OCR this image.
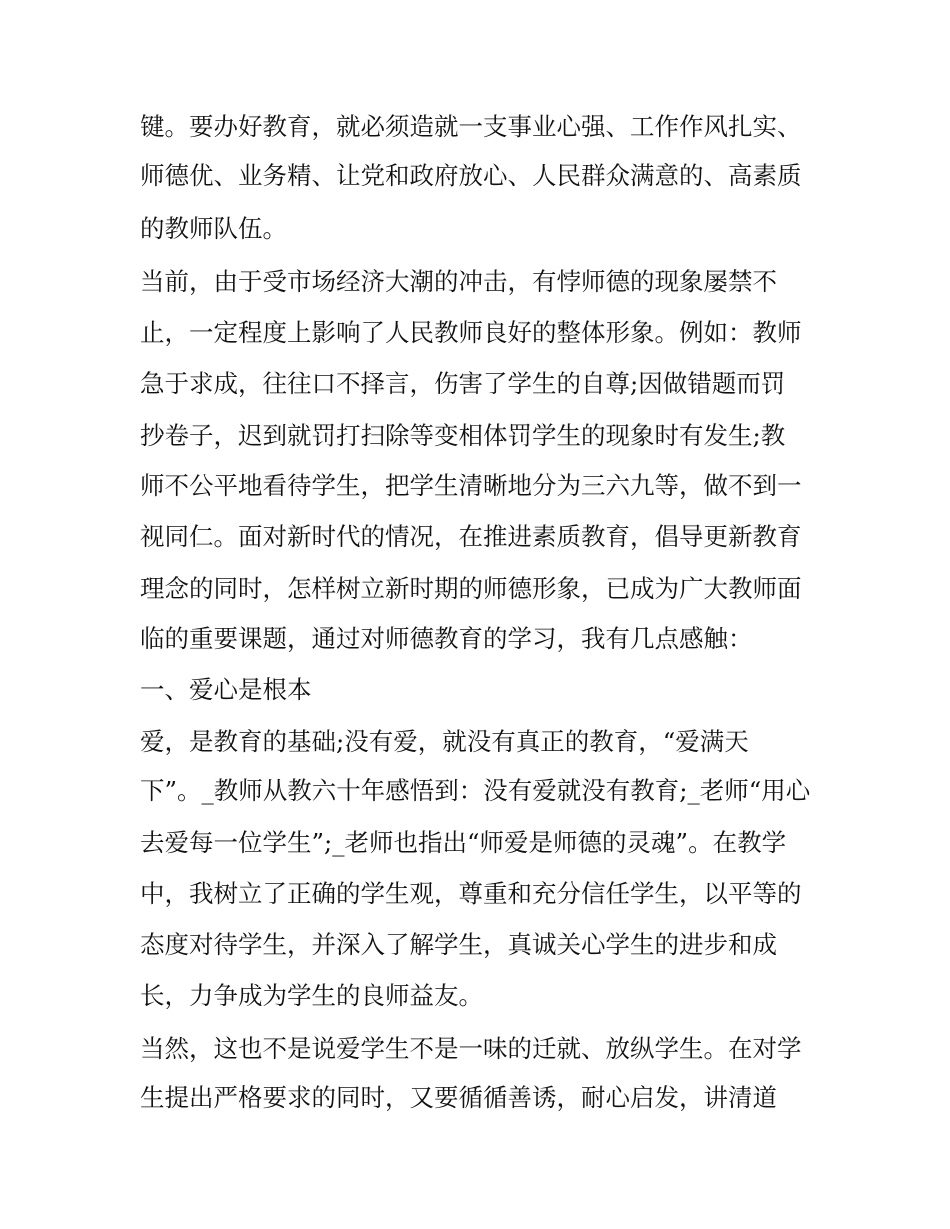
键。要办好教育，就必须造就一支事业心强、工作作风扎实、
师德优、业务精、让党和政府放心、人民群众满意的、高素质
的教师队伍。
当前，由于受市场经济大潮的冲击，有悖师德的现象屡禁不
止，一定程度上影响了人民教师良好的整体形象。例如：教师
急于求成，往往口不择言，伤害了学生的自尊;因做错题而罚
抄卷子，迟到就罚打扫除等变相体罚学生的现象时有发生;教
师不公平地看待学生，把学生清晰地分为三六九等，做不到一
视同仁。面对新时代的情况，在推进素质教育，倡导更新教育
理念的同时，怎样树立新时期的师德形象，已成为广大教师面
临的重要课题，通过对师德教育的学习，我有几点感触：
一、爱心是根本
爱，是教育的基础;没有爱，就没有真正的教育，“爱满天
下”。_教师从教六十年感悟到：没有爱就没有教育;_老师“用心
去爱每一位学生”;_老师也指出“师爱是师德的灵魂”。在教学
中，我树立了正确的学生观，尊重和充分信任学生，以平等的
态度对待学生，并深入了解学生，真诚关心学生的进步和成
长，力争成为学生的良师益友。
当然，这也不是说爱学生不是一味的迁就、放纵学生。在对学
生提出严格要求的同时，又要循循善诱，耐心启发，讲清道
